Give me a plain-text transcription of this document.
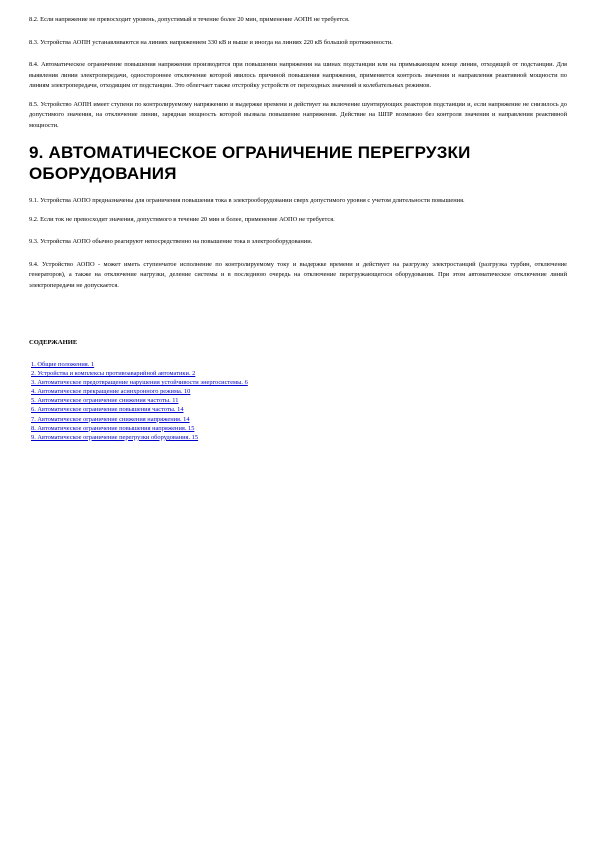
8.2. Если напряжение не превосходит уровень, допустимый в течение более 20 мин, применение АОПН не требуется.

8.3. Устройства АОПН устанавливаются на линиях напряжением 330 кВ и выше и иногда на линиях 220 кВ большой протяженности.

8.4. Автоматическое ограничение повышения напряжения производится при повышении напряжения на шинах подстанции или на примыкающем конце линии, отходящей от подстанции. Для выявления линии электропередачи, одностороннее отключение которой явилось причиной повышения напряжения, применяется контроль значения и направления реактивной мощности по линиям электропередачи, отходящим от подстанции. Это облегчает также отстройку устройств от переходных значений и колебательных режимов.

8.5. Устройство АОПН имеет ступени по контролируемому напряжению и выдержке времени и действует на включение шунтирующих реакторов подстанции и, если напряжение не снизилось до допустимого значения, на отключение линии, зарядная мощность которой вызвала повышение напряжения. Действие на ШПР возможно без контроля значения и направления реактивной мощности.

9. АВТОМАТИЧЕСКОЕ ОГРАНИЧЕНИЕ ПЕРЕГРУЗКИ ОБОРУДОВАНИЯ

9.1. Устройства АОПО предназначены для ограничения повышения тока в электрооборудовании сверх допустимого уровня с учетом длительности повышения.

9.2. Если ток не превосходит значения, допустимого в течение 20 мин и более, применение АОПО не требуется.

9.3. Устройства АОПО обычно реагируют непосредственно на повышение тока в электрооборудовании.

9.4. Устройство АОПО - может иметь ступенчатое исполнение по контролируемому току и выдержке времени и действует на разгрузку электростанций (разгрузка турбин, отключение генераторов), а также на отключение нагрузки, деление системы и в последнюю очередь на отключение перегружающегося оборудования. При этом автоматическое отключение линий электропередачи не допускается.

СОДЕРЖАНИЕ
1. Общие положения. 1
2. Устройства и комплексы противоаварийной автоматики. 2
3. Автоматическое предотвращение нарушения устойчивости энергосистемы. 6
4. Автоматическое прекращение асинхронного режима. 10
5. Автоматическое ограничение снижения частоты. 11
6. Автоматическое ограничение повышения частоты. 14
7. Автоматическое ограничение снижения напряжения. 14
8. Автоматическое ограничение повышения напряжения. 15
9. Автоматическое ограничение перегрузки оборудования. 15
